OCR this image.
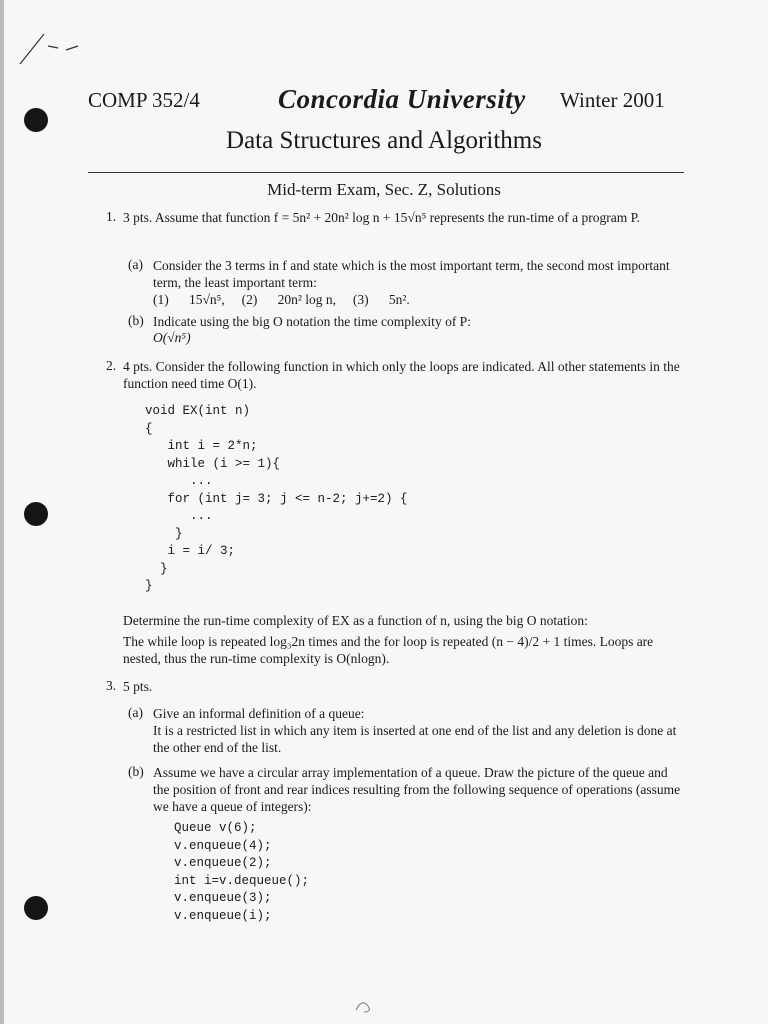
COMP 352/4	Concordia University Winter 2001
Data Structures and Algorithms
Mid-term Exam, Sec. Z, Solutions
1. 3 pts. Assume that function f = 5n² + 20n² log n + 15√n⁵ represents the run-time of a program P.
(a) Consider the 3 terms in f and state which is the most important term, the second most important term, the least important term:
(1)      15√n⁵,     (2)      20n² log n,     (3)      5n².
(b) Indicate using the big O notation the time complexity of P:
O(√n⁵)
2. 4 pts. Consider the following function in which only the loops are indicated. All other statements in the function need time O(1).
void EX(int n)
{
int i = 2*n;
while (i >= 1){
...
for (int j= 3; j <= n-2; j+=2) {
...
}
i = i/ 3;
}
}
Determine the run-time complexity of EX as a function of n, using the big O notation:
The while loop is repeated log₃2n times and the for loop is repeated (n − 4)/2 + 1 times. Loops are nested, thus the run-time complexity is O(nlogn).
3. 5 pts.
(a) Give an informal definition of a queue:
It is a restricted list in which any item is inserted at one end of the list and any deletion is done at the other end of the list.
(b) Assume we have a circular array implementation of a queue. Draw the picture of the queue and the position of front and rear indices resulting from the following sequence of operations (assume we have a queue of integers):
Queue v(6);
v.enqueue(4);
v.enqueue(2);
int i=v.dequeue();
v.enqueue(3);
v.enqueue(i);
